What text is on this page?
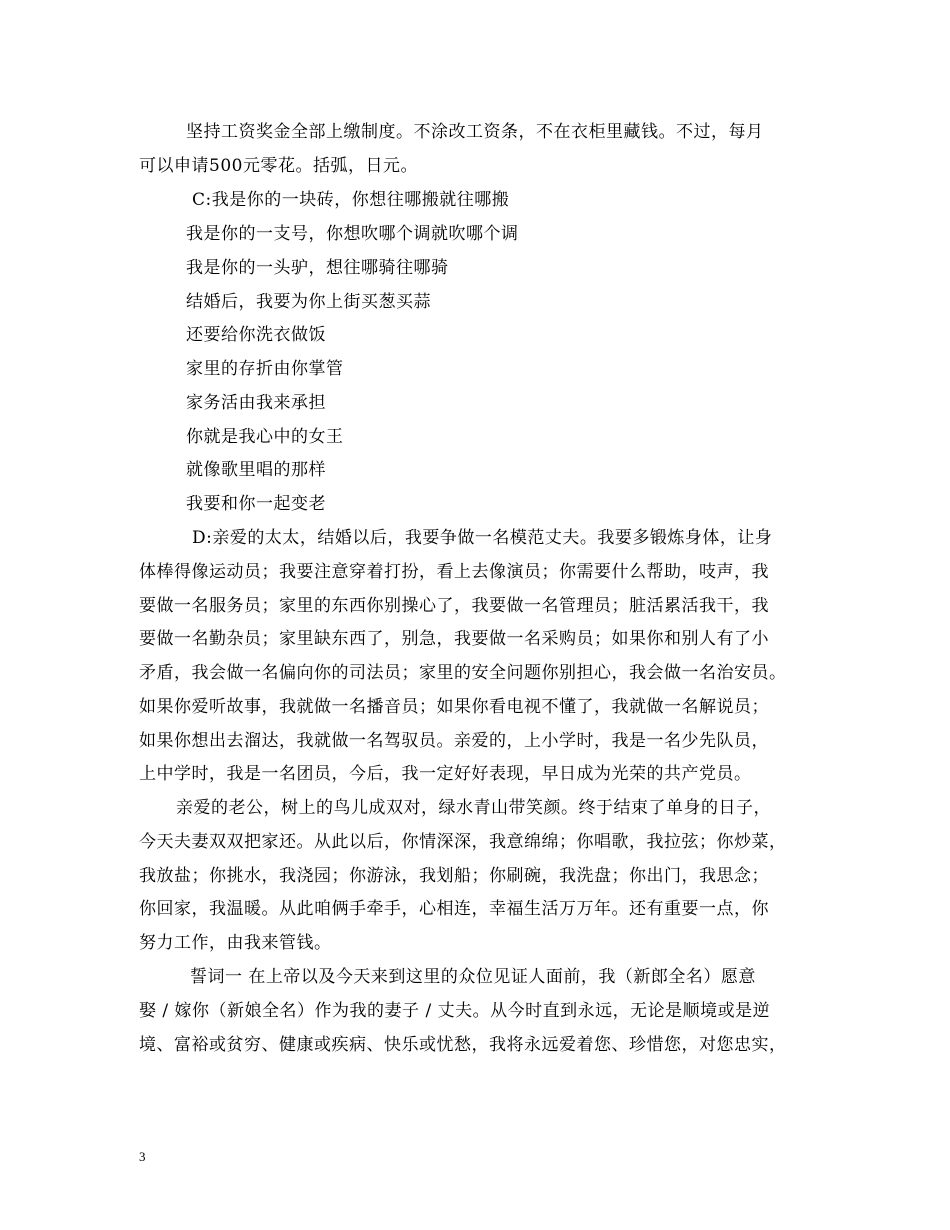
坚持工资奖金全部上缴制度。不涂改工资条，不在衣柜里藏钱。不过，每月
可以申请500元零花。括弧，日元。
C:我是你的一块砖，你想往哪搬就往哪搬
我是你的一支号，你想吹哪个调就吹哪个调
我是你的一头驴，想往哪骑往哪骑
结婚后，我要为你上街买葱买蒜
还要给你洗衣做饭
家里的存折由你掌管
家务活由我来承担
你就是我心中的女王
就像歌里唱的那样
我要和你一起变老
D:亲爱的太太，结婚以后，我要争做一名模范丈夫。我要多锻炼身体，让身
体棒得像运动员；我要注意穿着打扮，看上去像演员；你需要什么帮助，吱声，我
要做一名服务员；家里的东西你别操心了，我要做一名管理员；脏活累活我干，我
要做一名勤杂员；家里缺东西了，别急，我要做一名采购员；如果你和别人有了小
矛盾，我会做一名偏向你的司法员；家里的安全问题你别担心，我会做一名治安员。
如果你爱听故事，我就做一名播音员；如果你看电视不懂了，我就做一名解说员；
如果你想出去溜达，我就做一名驾驭员。亲爱的，上小学时，我是一名少先队员，
上中学时，我是一名团员，今后，我一定好好表现，早日成为光荣的共产党员。
亲爱的老公，树上的鸟儿成双对，绿水青山带笑颜。终于结束了单身的日子，
今天夫妻双双把家还。从此以后，你情深深，我意绵绵；你唱歌，我拉弦；你炒菜，
我放盐；你挑水，我浇园；你游泳，我划船；你刷碗，我洗盘；你出门，我思念；
你回家，我温暖。从此咱俩手牵手，心相连，幸福生活万万年。还有重要一点，你
努力工作，由我来管钱。
誓词一 在上帝以及今天来到这里的众位见证人面前，我（新郎全名）愿意
娶 / 嫁你（新娘全名）作为我的妻子 / 丈夫。从今时直到永远，无论是顺境或是逆
境、富裕或贫穷、健康或疾病、快乐或忧愁，我将永远爱着您、珍惜您，对您忠实，
3
